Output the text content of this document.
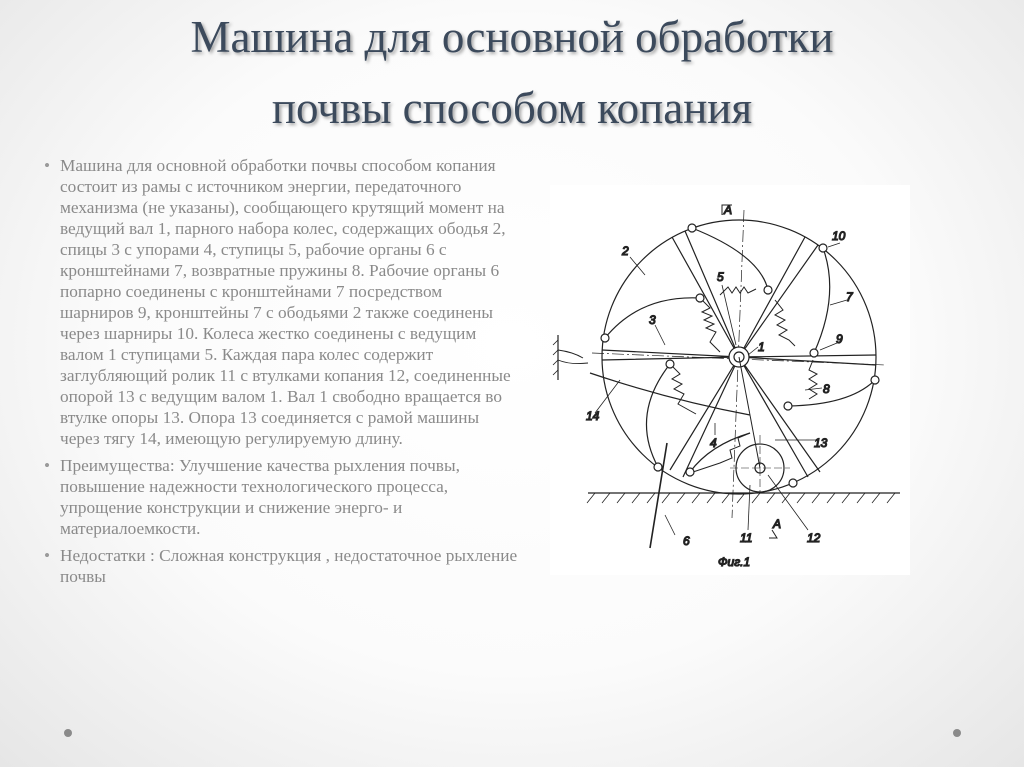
Машина для основной обработки
почвы способом копания
• Машина для основной обработки почвы способом копания состоит из рамы с источником энергии, передаточного механизма (не указаны), сообщающего крутящий момент на ведущий вал 1, парного набора колес, содержащих ободья 2, спицы 3 с упорами 4, ступицы 5, рабочие органы 6 с кронштейнами 7, возвратные пружины 8. Рабочие органы 6 попарно соединены с кронштейнами 7 посредством шарниров 9, кронштейны 7 с ободьями 2 также соединены через шарниры 10. Колеса жестко соединены с ведущим валом 1 ступицами 5. Каждая пара колес содержит заглубляющий ролик 11 с втулками копания 12, соединенные опорой 13 с ведущим валом 1. Вал 1 свободно вращается во втулке опоры 13. Опора 13 соединяется с рамой машины через тягу 14, имеющую регулируемую длину.
• Преимущества: Улучшение качества рыхления почвы, повышение надежности технологического процесса, упрощение конструкции и снижение энерго- и материалоемкости.
• Недостатки : Сложная конструкция , недостаточное рыхление почвы
2
5
10
7
3
1
9
8
14
4	13
6	11	12
A
A
Фиг.1
